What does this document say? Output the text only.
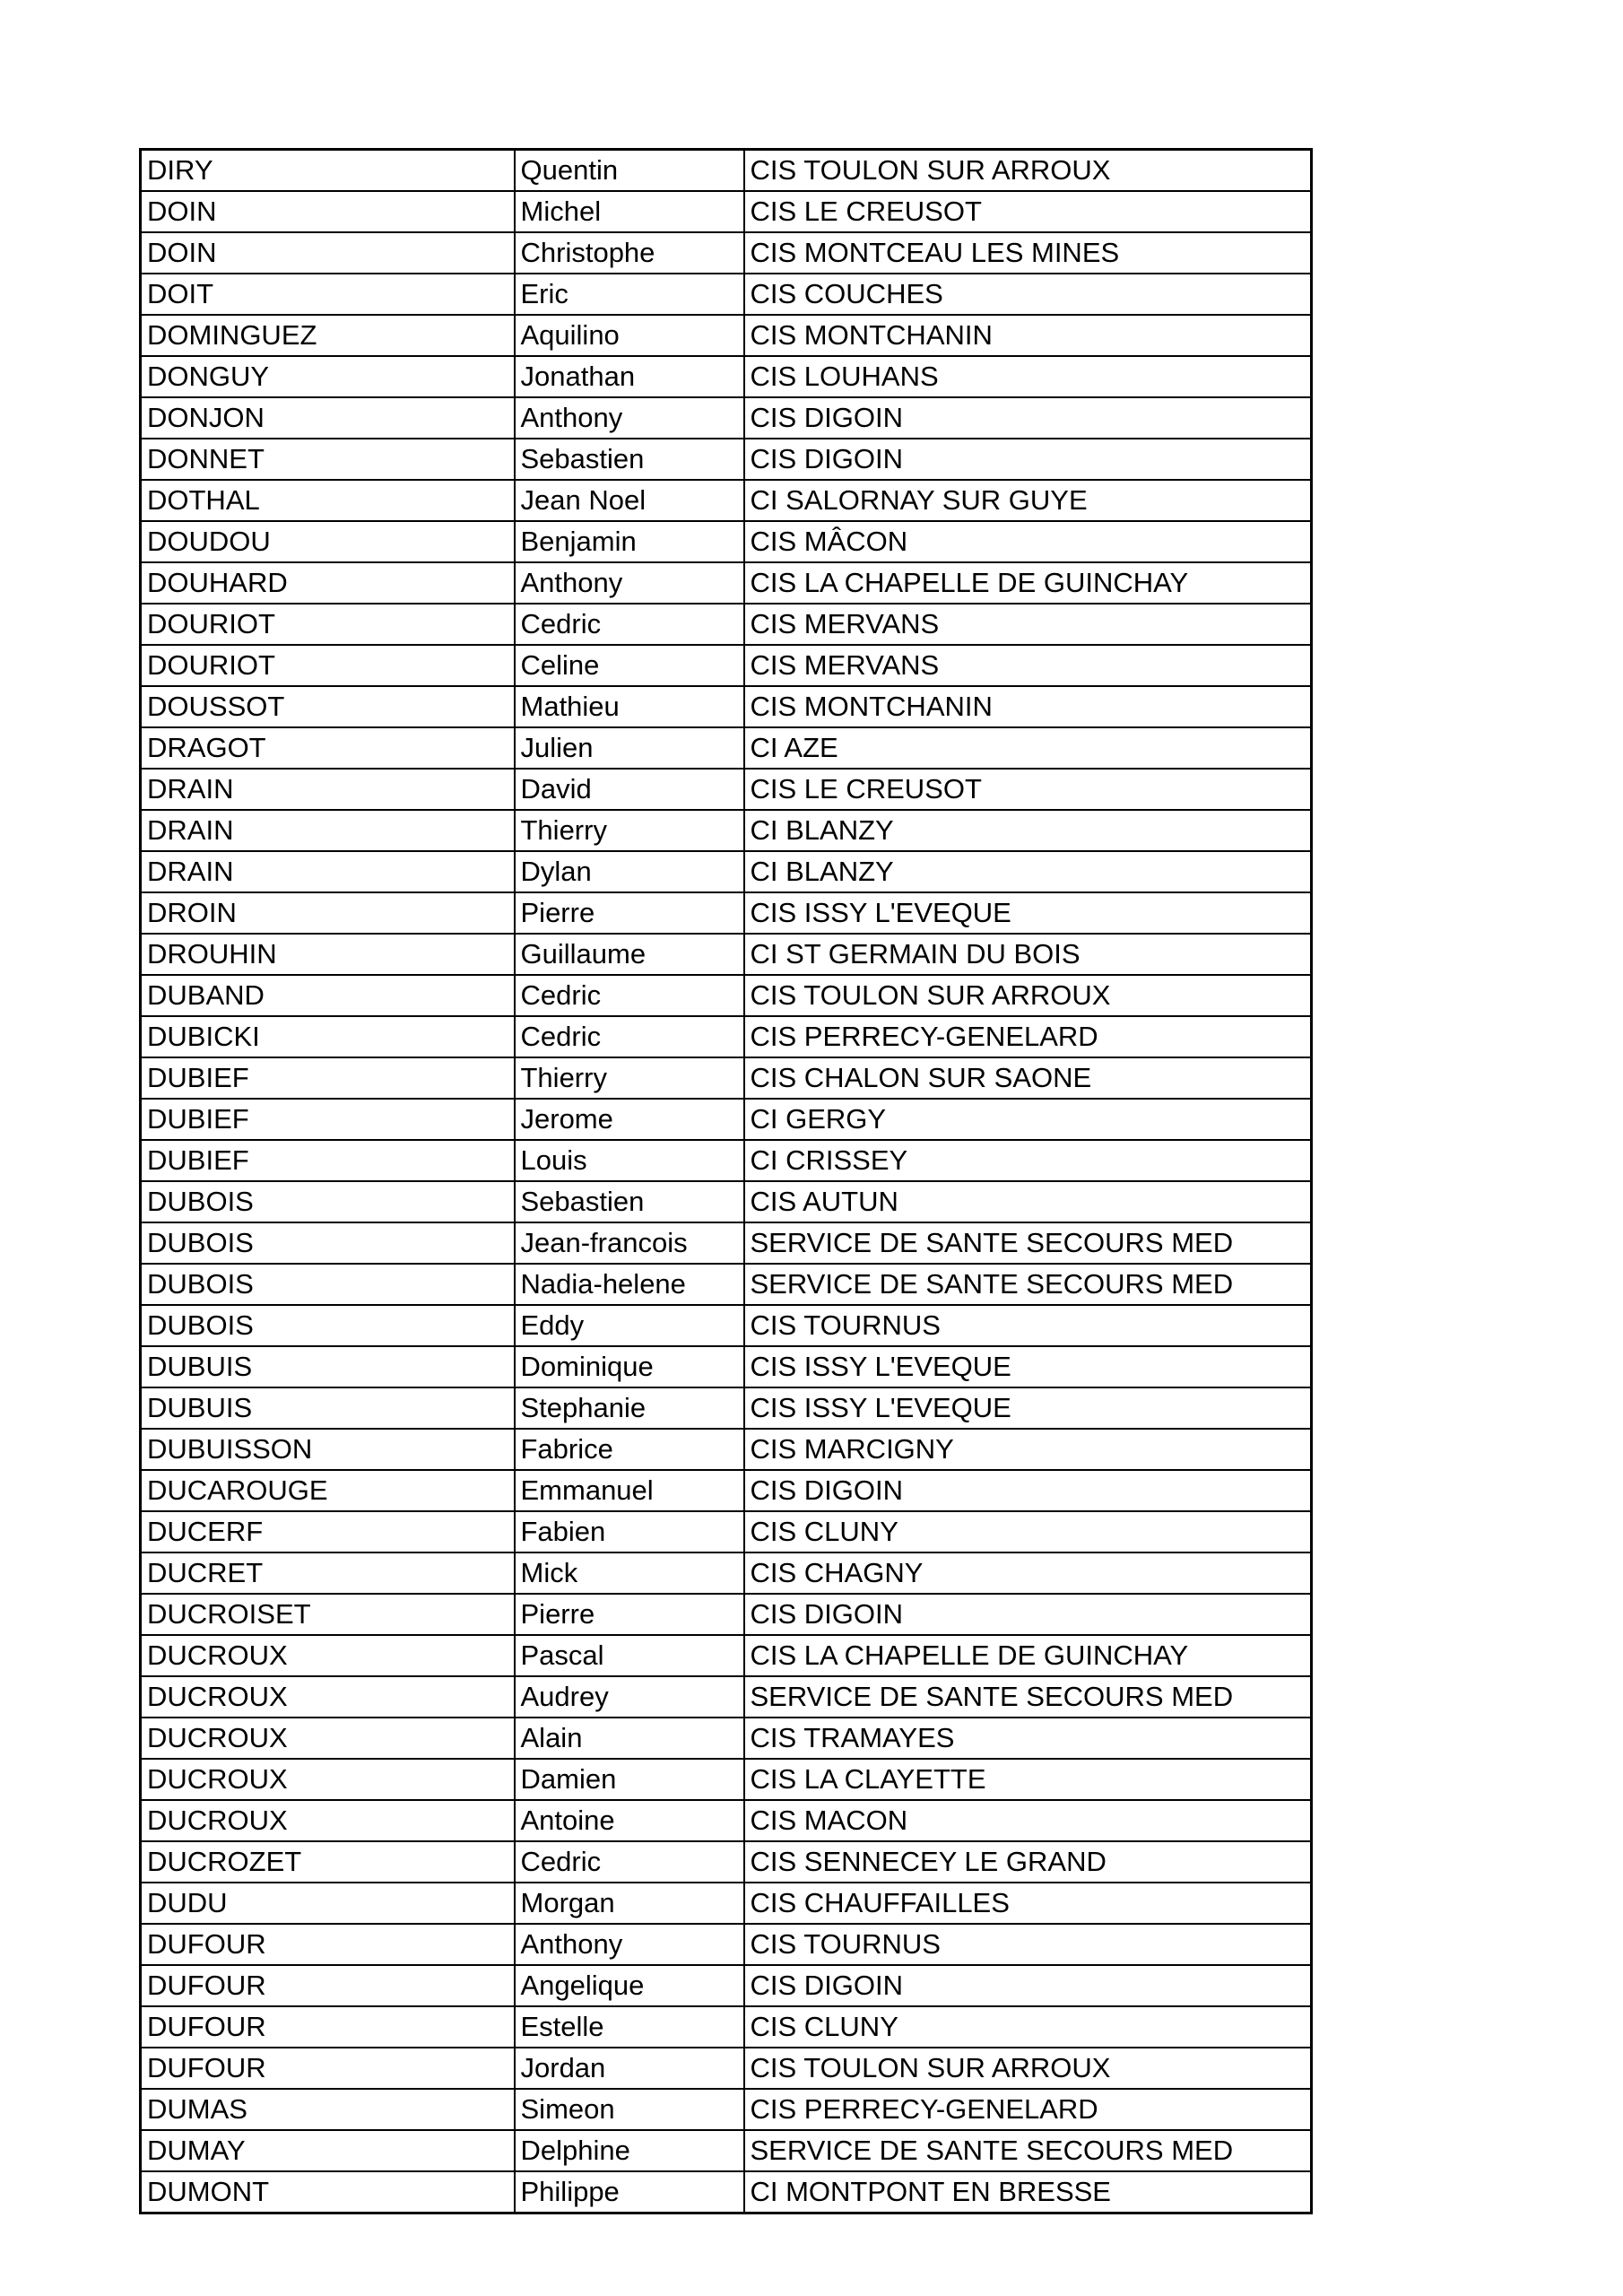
DIRY	Quentin	CIS TOULON SUR ARROUX
DOIN	Michel	CIS LE CREUSOT
DOIN	Christophe	CIS MONTCEAU LES MINES
DOIT	Eric	CIS COUCHES
DOMINGUEZ	Aquilino	CIS MONTCHANIN
DONGUY	Jonathan	CIS LOUHANS
DONJON	Anthony	CIS DIGOIN
DONNET	Sebastien	CIS DIGOIN
DOTHAL	Jean Noel	CI SALORNAY SUR GUYE
DOUDOU	Benjamin	CIS MÂCON
DOUHARD	Anthony	CIS LA CHAPELLE DE GUINCHAY
DOURIOT	Cedric	CIS MERVANS
DOURIOT	Celine	CIS MERVANS
DOUSSOT	Mathieu	CIS MONTCHANIN
DRAGOT	Julien	CI AZE
DRAIN	David	CIS LE CREUSOT
DRAIN	Thierry	CI BLANZY
DRAIN	Dylan	CI BLANZY
DROIN	Pierre	CIS ISSY L'EVEQUE
DROUHIN	Guillaume	CI ST GERMAIN DU BOIS
DUBAND	Cedric	CIS TOULON SUR ARROUX
DUBICKI	Cedric	CIS PERRECY-GENELARD
DUBIEF	Thierry	CIS CHALON SUR SAONE
DUBIEF	Jerome	CI GERGY
DUBIEF	Louis	CI CRISSEY
DUBOIS	Sebastien	CIS AUTUN
DUBOIS	Jean-francois	SERVICE DE SANTE SECOURS MED
DUBOIS	Nadia-helene	SERVICE DE SANTE SECOURS MED
DUBOIS	Eddy	CIS TOURNUS
DUBUIS	Dominique	CIS ISSY L'EVEQUE
DUBUIS	Stephanie	CIS ISSY L'EVEQUE
DUBUISSON	Fabrice	CIS MARCIGNY
DUCAROUGE	Emmanuel	CIS DIGOIN
DUCERF	Fabien	CIS CLUNY
DUCRET	Mick	CIS CHAGNY
DUCROISET	Pierre	CIS DIGOIN
DUCROUX	Pascal	CIS LA CHAPELLE DE GUINCHAY
DUCROUX	Audrey	SERVICE DE SANTE SECOURS MED
DUCROUX	Alain	CIS TRAMAYES
DUCROUX	Damien	CIS LA CLAYETTE
DUCROUX	Antoine	CIS MACON
DUCROZET	Cedric	CIS SENNECEY LE GRAND
DUDU	Morgan	CIS CHAUFFAILLES
DUFOUR	Anthony	CIS TOURNUS
DUFOUR	Angelique	CIS DIGOIN
DUFOUR	Estelle	CIS CLUNY
DUFOUR	Jordan	CIS TOULON SUR ARROUX
DUMAS	Simeon	CIS PERRECY-GENELARD
DUMAY	Delphine	SERVICE DE SANTE SECOURS MED
DUMONT	Philippe	CI MONTPONT EN BRESSE
